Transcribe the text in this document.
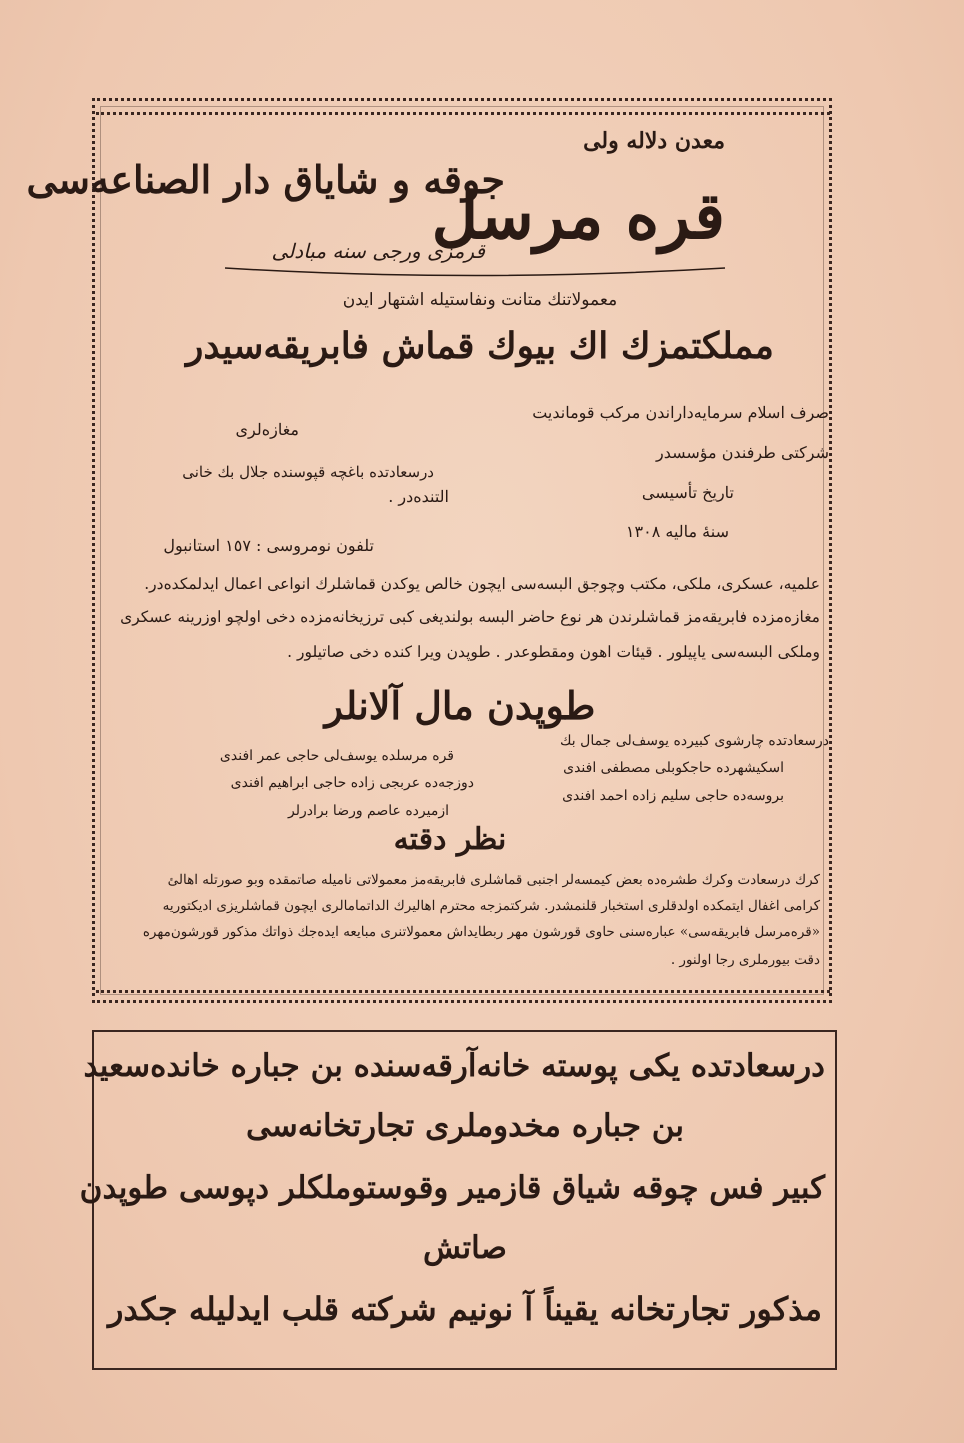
معدن دلاله‌ ولی
جوقه و شایاق دار الصناعه‌سی
قره‌ مرسل
قرمزى ورجى سنه‌ مبادلى
معمولاتنك متانت ونفاستيله اشتهار ايدن
مملكتمزك اك بيوك قماش فابريقه‌سيدر
صرف اسلام سرمايه‌داراندن مركب قومانديت
شركتى طرفندن مؤسسدر
تاريخ تأسيسى
سنهٔ ماليه ١٣٠٨
مغازه‌لرى
درسعادتده باغچه قپوسنده جلال بك خانى
التنده‌در .
تلفون نومروسى : ١٥٧ استانبول
علميه، عسكرى، ملكى، مكتب وچوجق البسه‌سى ايچون خالص يوكدن قماشلرك انواعى اعمال ايدلمكده‌در.
مغازه‌مزده فابريقه‌مز قماشلرندن هر نوع حاضر البسه بولنديغى كبى ترزيخانه‌مزده دخى اولچو اوزرينه عسكرى
وملكى البسه‌سى ياپيلور . قيئات اهون ومقطوعدر . طوپدن ويرا كنده دخى صاتيلور .
طوپدن مال آلانلر
درسعادتده چارشوى كبيرده يوسف‌لى جمال بك
اسكيشهرده حاجكوبلى مصطفى افندى
بروسه‌ده حاجى سليم زاده احمد افندى
قره مرسلده يوسف‌لى حاجى عمر افندى
دوزجه‌ده عربجى زاده حاجى ابراهيم افندى
ازميرده عاصم ورضا برادرلر
نظر دقته
كرك درسعادت وكرك طشره‌ده بعض كيمسه‌لر اجنبى قماشلرى فابريقه‌مز معمولاتى ناميله صاتمقده وبو صورتله اهالئ
كرامى اغفال ايتمكده اولدقلرى استخبار قلنمشدر. شركتمزجه محترم اهاليرك الداتمامالرى ايچون قماشلريزى اديكتوريه
«قره‌مرسل فابريقه‌سى» عباره‌سنى حاوى قورشون مهر ربطايداش معمولاتنرى مبايعه ايده‌جك ذواتك مذكور قورشون‌مهره
دقت بيورملرى رجا اولنور .
درسعادتده يكى پوسته خانه‌آرقه‌سنده بن جباره خانده‌سعيد
بن جباره مخدوملرى تجارتخانه‌سى
كبير فس چوقه شياق قازمير وقوستوملكلر دپوسى طوپدن
صاتش
مذكور تجارتخانه يقيناً آ نونيم شركته قلب ايدليله جكدر
